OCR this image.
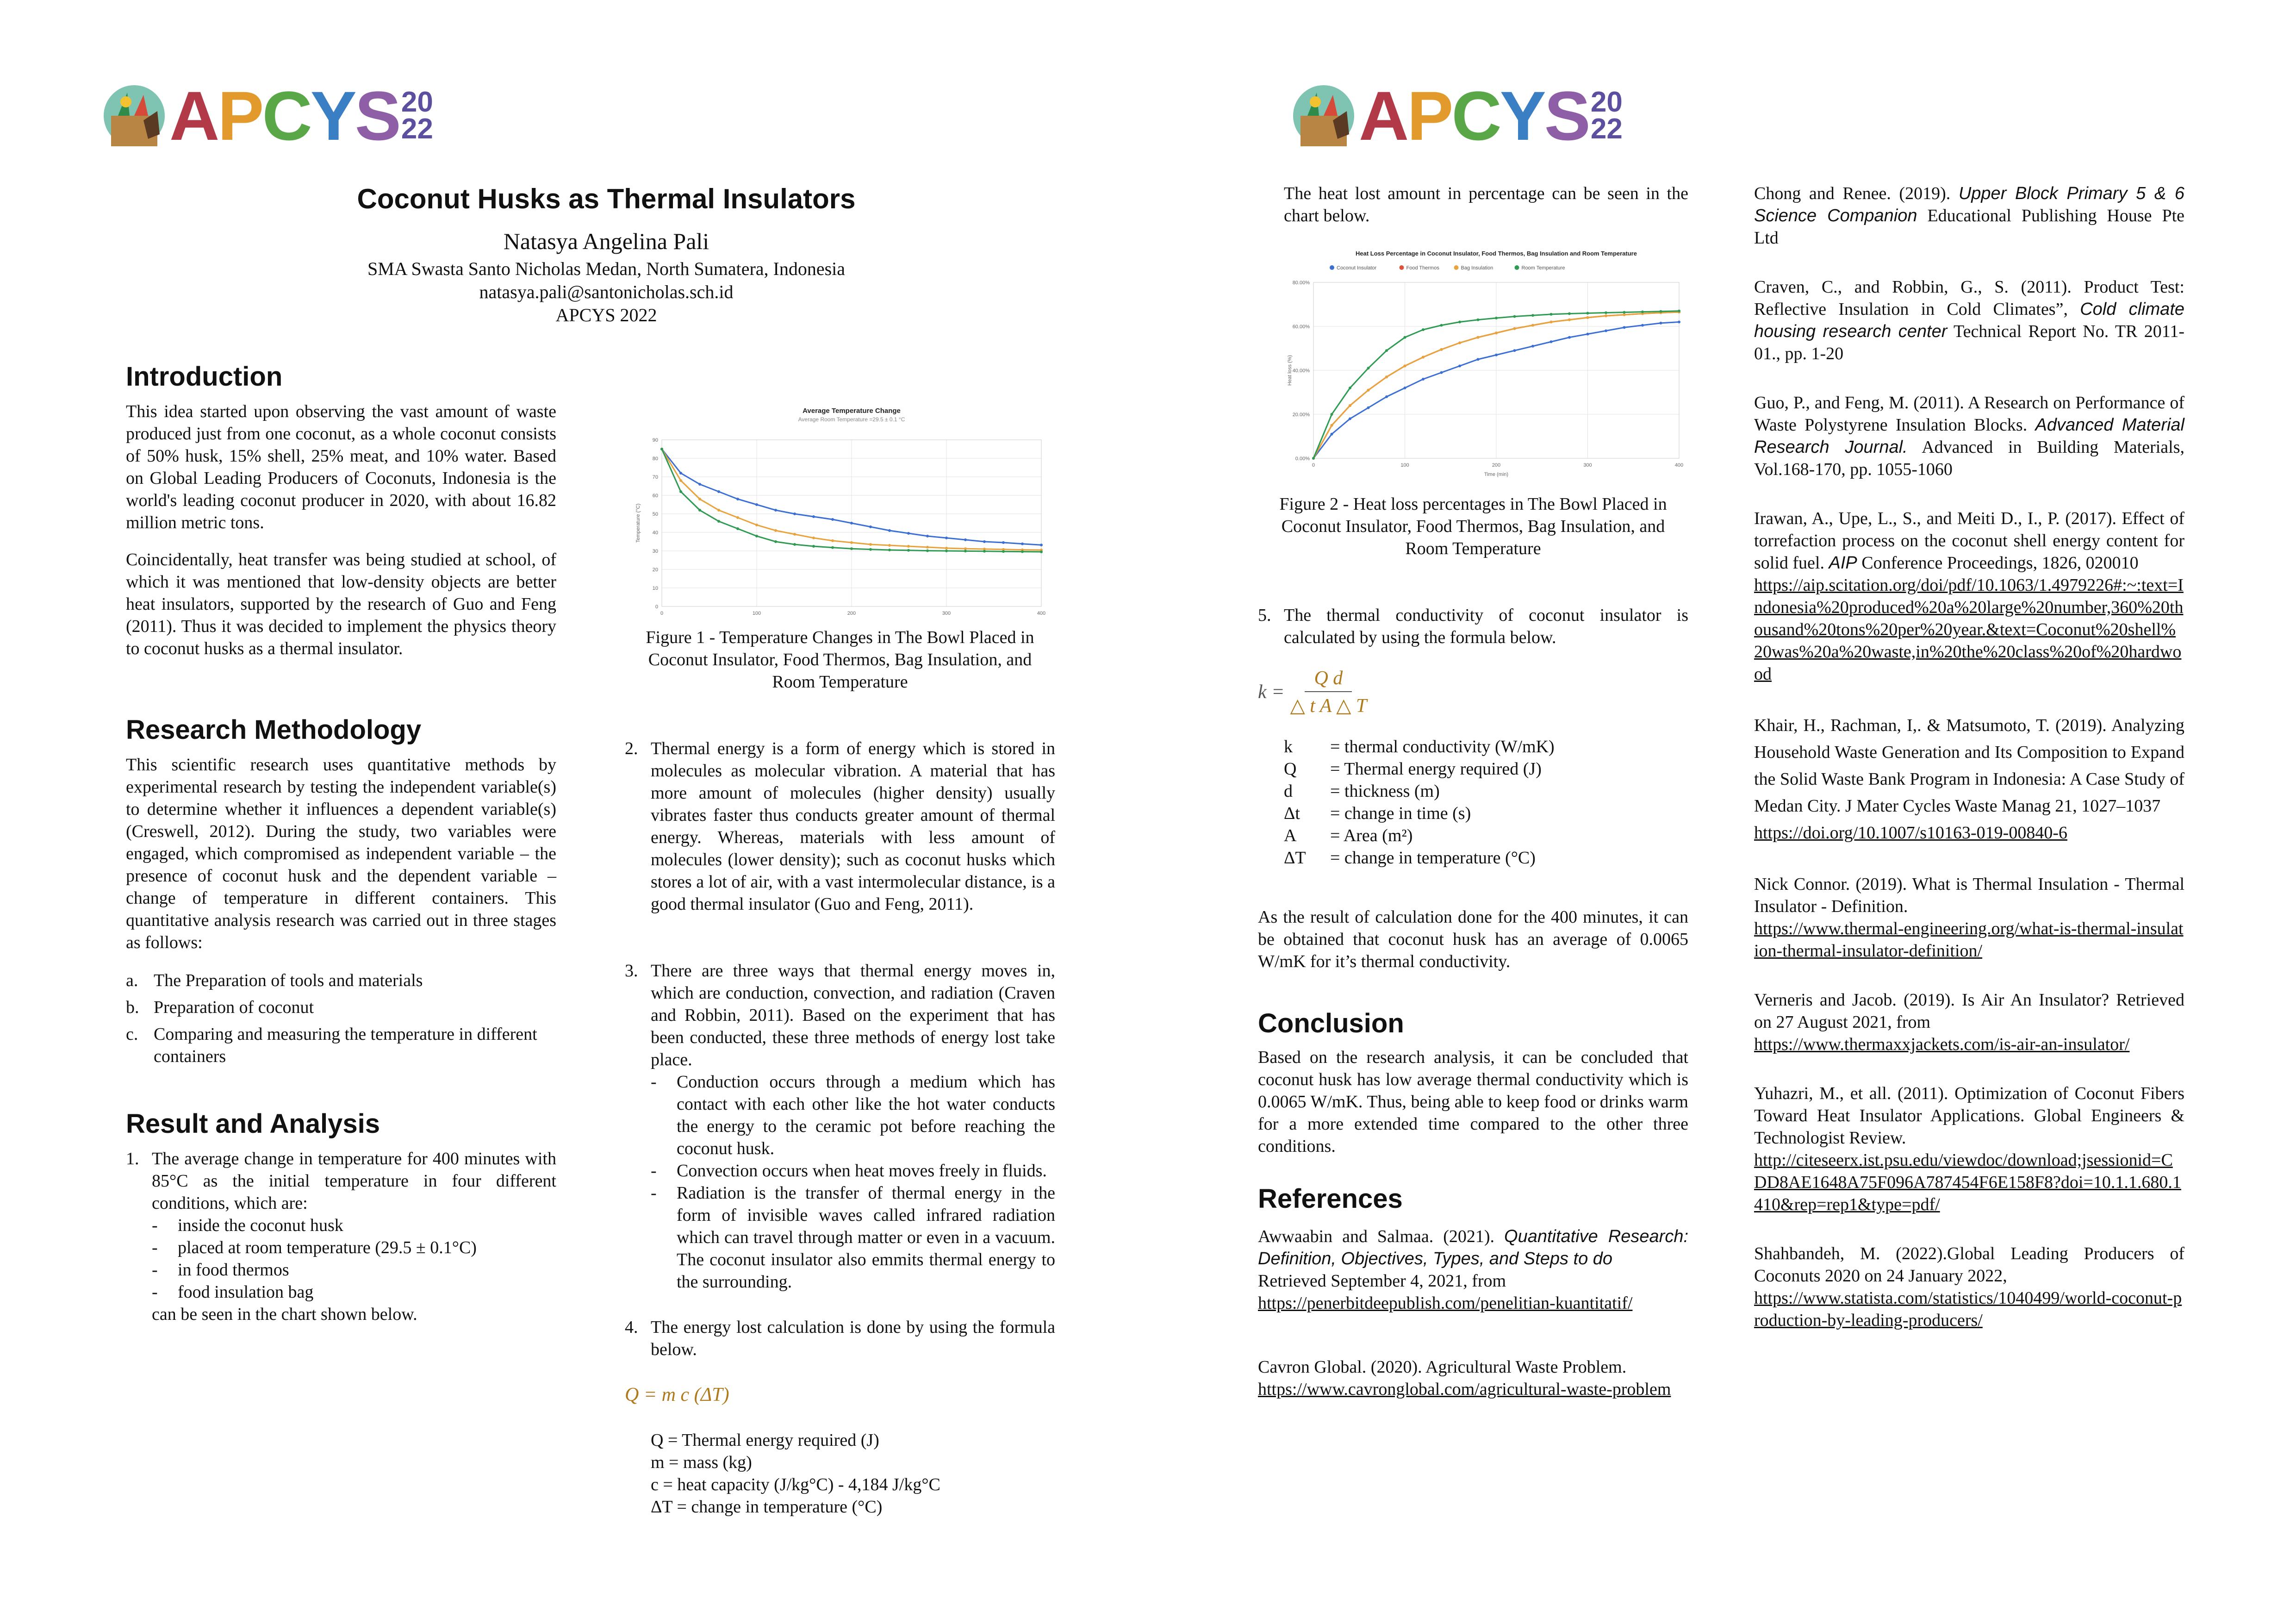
A P C Y S 20
22
Coconut Husks as Thermal Insulators
Natasya Angelina Pali
SMA Swasta Santo Nicholas Medan, North Sumatera, Indonesia
natasya.pali@santonicholas.sch.id
APCYS 2022
Introduction

This idea started upon observing the vast amount of waste produced just from one coconut, as a whole coconut consists of 50% husk, 15% shell, 25% meat, and 10% water. Based on Global Leading Producers of Coconuts, Indonesia is the world's leading coconut producer in 2020, with about 16.82 million metric tons.

Coincidentally, heat transfer was being studied at school, of which it was mentioned that low-density objects are better heat insulators, supported by the research of Guo and Feng (2011). Thus it was decided to implement the physics theory to coconut husks as a thermal insulator.

Research Methodology

This scientific research uses quantitative methods by experimental research by testing the independent variable(s) to determine whether it influences a dependent variable(s) (Creswell, 2012). During the study, two variables were engaged, which compromised as independent variable – the presence of coconut husk and the dependent variable – change of temperature in different containers. This quantitative analysis research was carried out in three stages as follows:

a. The Preparation of tools and materials
b. Preparation of coconut
c. Comparing and measuring the temperature in different containers
Result and Analysis
1. The average change in temperature for 400 minutes with 85°C as the initial temperature in four different conditions, which are:
- inside the coconut husk
- placed at room temperature (29.5 ± 0.1°C)
- in food thermos
- food insulation bag
can be seen in the chart shown below.
Average Temperature Change
Average Room Temperature =29.5 ± 0.1 °C
0
10
20
30
40
50
60
70
80
90
0	100	200	300	400
Temperature (°C)
Figure 1 - Temperature Changes in The Bowl Placed in Coconut Insulator, Food Thermos, Bag Insulation, and Room Temperature
2. Thermal energy is a form of energy which is stored in molecules as molecular vibration. A material that has more amount of molecules (higher density) usually vibrates faster thus conducts greater amount of thermal energy. Whereas, materials with less amount of molecules (lower density); such as coconut husks which stores a lot of air, with a vast intermolecular distance, is a good thermal insulator (Guo and Feng, 2011).
3. There are three ways that thermal energy moves in, which are conduction, convection, and radiation (Craven and Robbin, 2011). Based on the experiment that has been conducted, these three methods of energy lost take place.
- Conduction occurs through a medium which has contact with each other like the hot water conducts the energy to the ceramic pot before reaching the coconut husk.
- Convection occurs when heat moves freely in fluids.
- Radiation is the transfer of thermal energy in the form of invisible waves called infrared radiation which can travel through matter or even in a vacuum. The coconut insulator also emmits thermal energy to the surrounding.
4. The energy lost calculation is done by using the formula below.
Q = m c (ΔT)
Q = Thermal energy required (J)
m = mass (kg)
c = heat capacity (J/kg°C) - 4,184 J/kg°C
ΔT = change in temperature (°C)
A P C Y S 20
22
The heat lost amount in percentage can be seen in the chart below.
Heat Loss Percentage in Coconut Insulator, Food Thermos, Bag Insulation and Room Temperature
Coconut Insulator	Food Thermos	Bag Insulation	Room Temperature
0.00%
20.00%
40.00%
60.00%
80.00%
0	100	200	300	400
Heat loss (%)
Time (min)
Figure 2 - Heat loss percentages in The Bowl Placed in Coconut Insulator, Food Thermos, Bag Insulation, and Room Temperature
5. The thermal conductivity of coconut insulator is calculated by using the formula below.
$k = \frac{\text{Q d}}{\text{△ t A △ T}}$
k	= thermal conductivity (W/mK)
Q	= Thermal energy required (J)
d	= thickness (m)
Δt	= change in time (s)
A	= Area (m²)
ΔT	= change in temperature (°C)
As the result of calculation done for the 400 minutes, it can be obtained that coconut husk has an average of 0.0065 W/mK for it’s thermal conductivity.
Conclusion
Based on the research analysis, it can be concluded that coconut husk has low average thermal conductivity which is 0.0065 W/mK. Thus, being able to keep food or drinks warm for a more extended time compared to the other three conditions.
References
Awwaabin and Salmaa. (2021). Quantitative Research: Definition, Objectives, Types, and Steps to do
Retrieved September 4, 2021, from
https://penerbitdeepublish.com/penelitian-kuantitatif/
Cavron Global. (2020). Agricultural Waste Problem.
https://www.cavronglobal.com/agricultural-waste-problem
Chong and Renee. (2019). Upper Block Primary 5 & 6 Science Companion Educational Publishing House Pte Ltd
Craven, C., and Robbin, G., S. (2011). Product Test: Reflective Insulation in Cold Climates”, Cold climate housing research center Technical Report No. TR 2011-01., pp. 1-20
Guo, P., and Feng, M. (2011). A Research on Performance of Waste Polystyrene Insulation Blocks. Advanced Material Research Journal. Advanced in Building Materials, Vol.168-170, pp. 1055-1060
Irawan, A., Upe, L., S., and Meiti D., I., P. (2017). Effect of torrefaction process on the coconut shell energy content for solid fuel. AIP Conference Proceedings, 1826, 020010
https://aip.scitation.org/doi/pdf/10.1063/1.4979226#:~:text=Indonesia%20produced%20a%20large%20number,360%20thousand%20tons%20per%20year.&text=Coconut%20shell%20was%20a%20waste,in%20the%20class%20of%20hardwood
Khair, H., Rachman, I,. & Matsumoto, T. (2019). Analyzing Household Waste Generation and Its Composition to Expand the Solid Waste Bank Program in Indonesia: A Case Study of Medan City. J Mater Cycles Waste Manag 21, 1027–1037
https://doi.org/10.1007/s10163-019-00840-6
Nick Connor. (2019). What is Thermal Insulation - Thermal Insulator - Definition.
https://www.thermal-engineering.org/what-is-thermal-insulation-thermal-insulator-definition/
Verneris and Jacob. (2019). Is Air An Insulator? Retrieved on 27 August 2021, from
https://www.thermaxxjackets.com/is-air-an-insulator/
Yuhazri, M., et all. (2011). Optimization of Coconut Fibers Toward Heat Insulator Applications. Global Engineers & Technologist Review.
http://citeseerx.ist.psu.edu/viewdoc/download;jsessionid=CDD8AE1648A75F096A787454F6E158F8?doi=10.1.1.680.1410&rep=rep1&type=pdf/
Shahbandeh, M. (2022).Global Leading Producers of Coconuts 2020 on 24 January 2022,
https://www.statista.com/statistics/1040499/world-coconut-production-by-leading-producers/
